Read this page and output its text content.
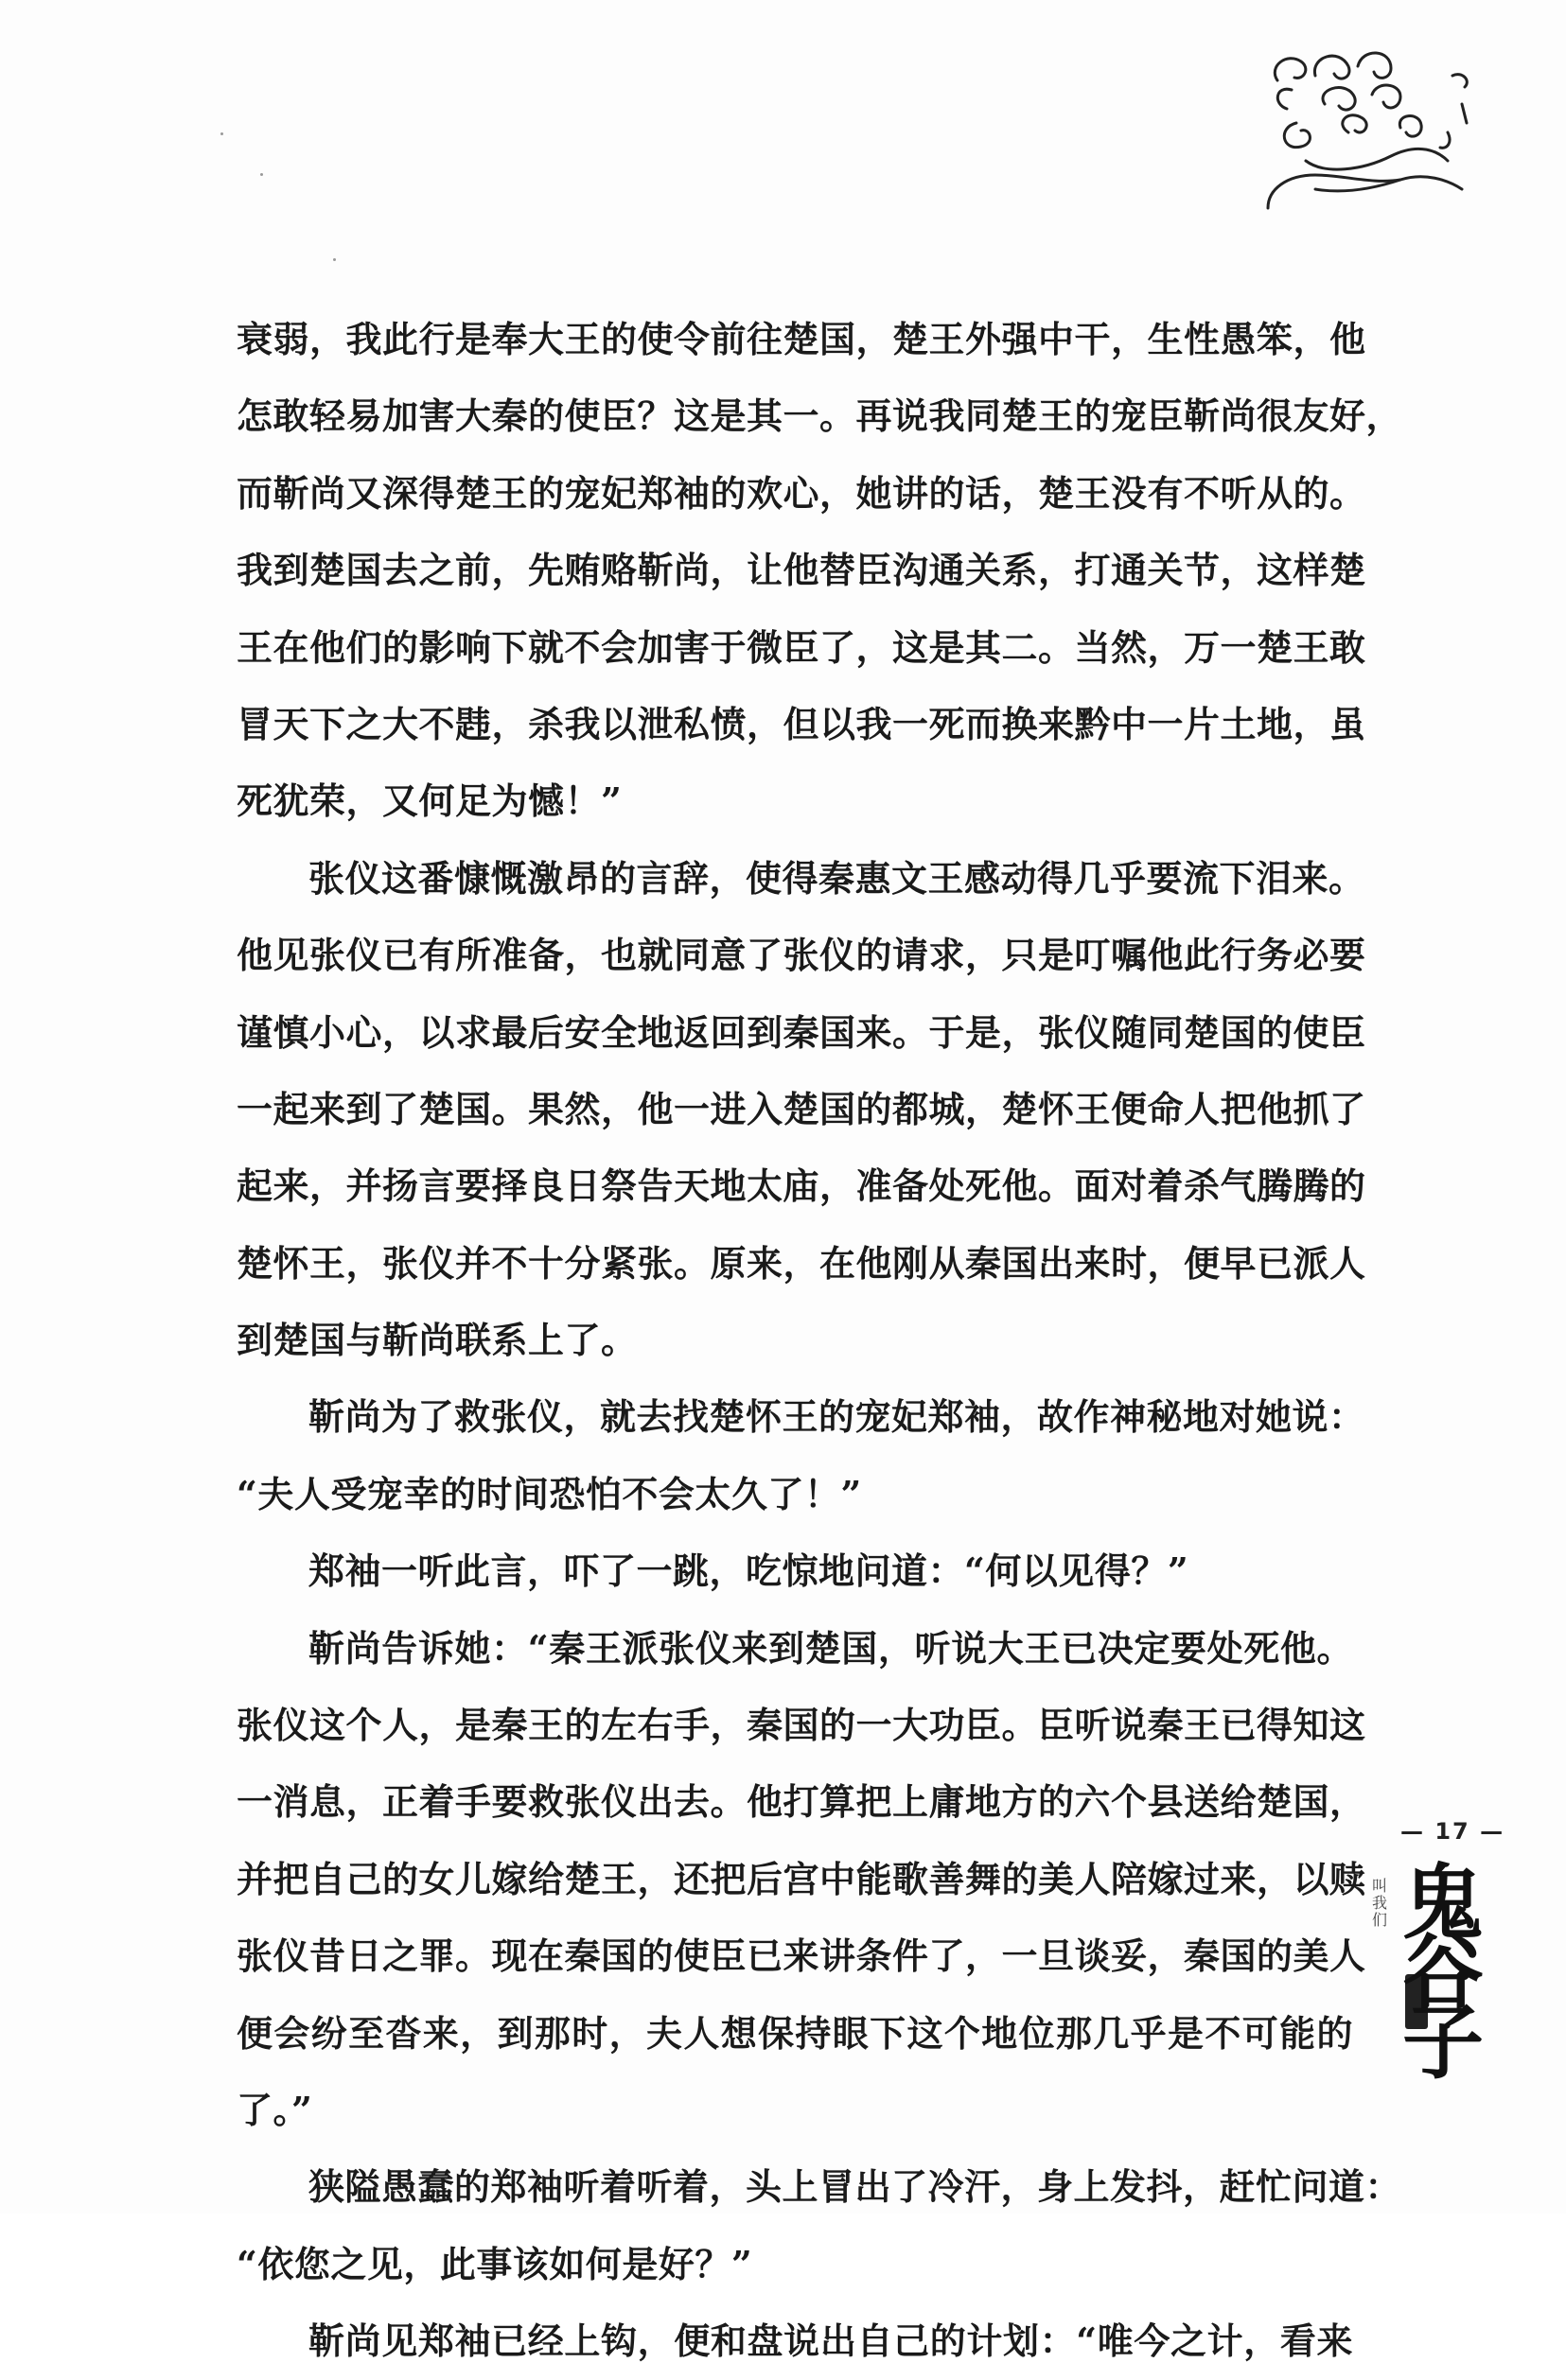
衰弱，我此行是奉大王的使令前往楚国，楚王外强中干，生性愚笨，他
怎敢轻易加害大秦的使臣？这是其一。再说我同楚王的宠臣靳尚很友好，
而靳尚又深得楚王的宠妃郑袖的欢心，她讲的话，楚王没有不听从的。
我到楚国去之前，先贿赂靳尚，让他替臣沟通关系，打通关节，这样楚
王在他们的影响下就不会加害于微臣了，这是其二。当然，万一楚王敢
冒天下之大不韪，杀我以泄私愤，但以我一死而换来黔中一片土地，虽
死犹荣，又何足为憾！”
张仪这番慷慨激昂的言辞，使得秦惠文王感动得几乎要流下泪来。
他见张仪已有所准备，也就同意了张仪的请求，只是叮嘱他此行务必要
谨慎小心，以求最后安全地返回到秦国来。于是，张仪随同楚国的使臣
一起来到了楚国。果然，他一进入楚国的都城，楚怀王便命人把他抓了
起来，并扬言要择良日祭告天地太庙，准备处死他。面对着杀气腾腾的
楚怀王，张仪并不十分紧张。原来，在他刚从秦国出来时，便早已派人
到楚国与靳尚联系上了。
靳尚为了救张仪，就去找楚怀王的宠妃郑袖，故作神秘地对她说：
“夫人受宠幸的时间恐怕不会太久了！”
郑袖一听此言，吓了一跳，吃惊地问道：“何以见得？”
靳尚告诉她：“秦王派张仪来到楚国，听说大王已决定要处死他。
张仪这个人，是秦王的左右手，秦国的一大功臣。臣听说秦王已得知这
一消息，正着手要救张仪出去。他打算把上庸地方的六个县送给楚国，
并把自己的女儿嫁给楚王，还把后宫中能歌善舞的美人陪嫁过来，以赎
张仪昔日之罪。现在秦国的使臣已来讲条件了，一旦谈妥，秦国的美人
便会纷至沓来，到那时，夫人想保持眼下这个地位那几乎是不可能的
了。”
狭隘愚蠢的郑袖听着听着，头上冒出了冷汗，身上发抖，赶忙问道：
“依您之见，此事该如何是好？”
靳尚见郑袖已经上钩，便和盘说出自己的计划：“唯今之计，看来
— 17 —
叫我们 鬼谷子
